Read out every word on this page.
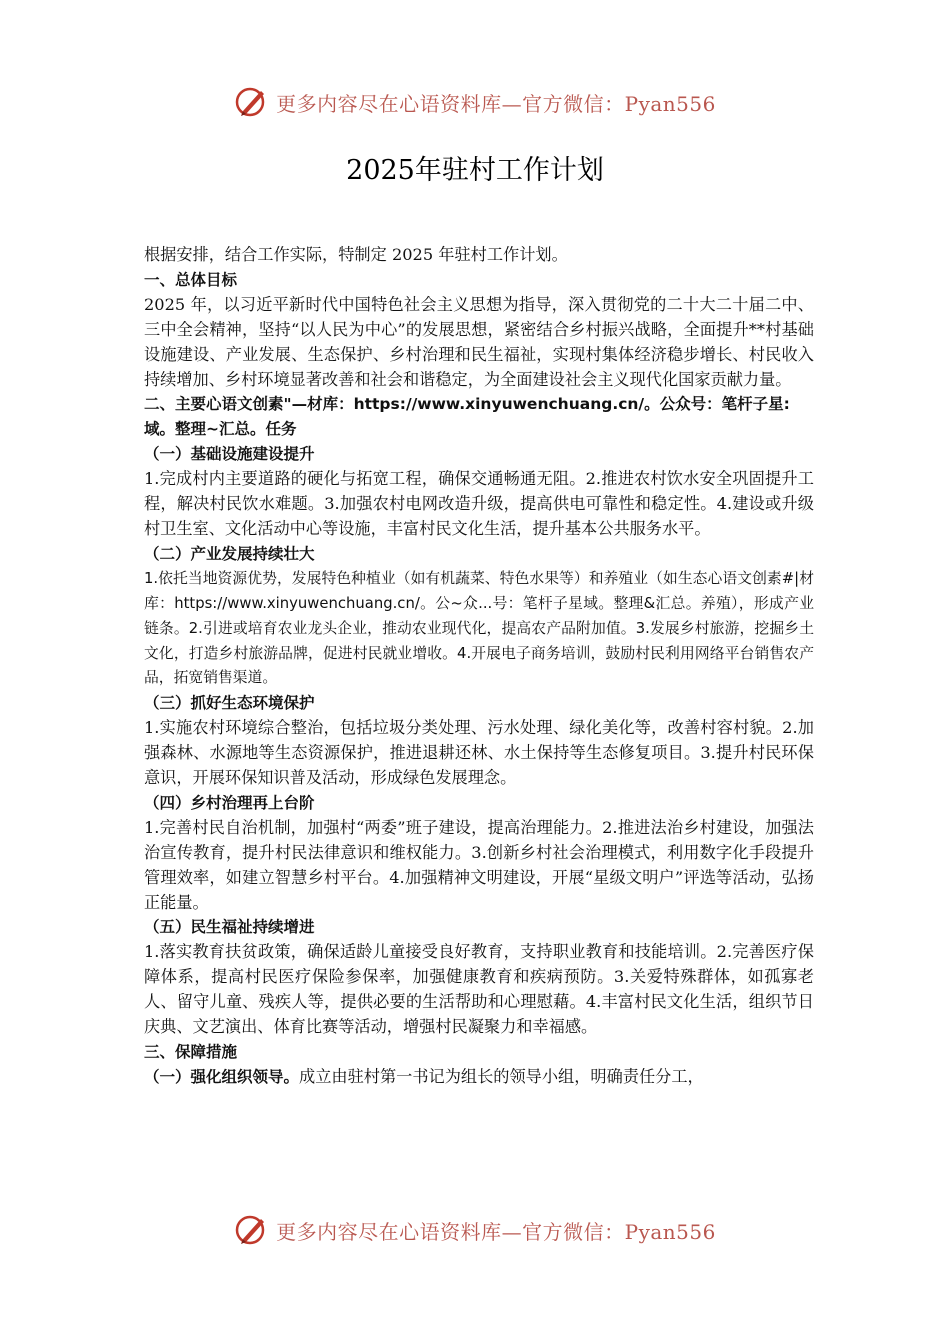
更多内容尽在心语资料库—官方微信：Pyan556
2025年驻村工作计划

根据安排，结合工作实际，特制定 2025 年驻村工作计划。

一、总体目标

2025 年，以习近平新时代中国特色社会主义思想为指导，深入贯彻党的二十大二十届二中、三中全会精神，坚持“以人民为中心”的发展思想，紧密结合乡村振兴战略，全面提升**村基础设施建设、产业发展、生态保护、乡村治理和民生福祉，实现村集体经济稳步增长、村民收入持续增加、乡村环境显著改善和社会和谐稳定，为全面建设社会主义现代化国家贡献力量。

二、主要心语文创素"—材库：https://www.xinyuwenchuang.cn/。公众号：笔杆子星:域。整理~汇总。任务

（一）基础设施建设提升

1.完成村内主要道路的硬化与拓宽工程，确保交通畅通无阻。2.推进农村饮水安全巩固提升工程，解决村民饮水难题。3.加强农村电网改造升级，提高供电可靠性和稳定性。4.建设或升级村卫生室、文化活动中心等设施，丰富村民文化生活，提升基本公共服务水平。

（二）产业发展持续壮大

1.依托当地资源优势，发展特色种植业（如有机蔬菜、特色水果等）和养殖业（如生态心语文创素#|材库：https://www.xinyuwenchuang.cn/。公~众...号：笔杆子星域。整理&汇总。养殖），形成产业链条。2.引进或培育农业龙头企业，推动农业现代化，提高农产品附加值。3.发展乡村旅游，挖掘乡土文化，打造乡村旅游品牌，促进村民就业增收。4.开展电子商务培训，鼓励村民利用网络平台销售农产品，拓宽销售渠道。

（三）抓好生态环境保护

1.实施农村环境综合整治，包括垃圾分类处理、污水处理、绿化美化等，改善村容村貌。2.加强森林、水源地等生态资源保护，推进退耕还林、水土保持等生态修复项目。3.提升村民环保意识，开展环保知识普及活动，形成绿色发展理念。

（四）乡村治理再上台阶

1.完善村民自治机制，加强村“两委”班子建设，提高治理能力。2.推进法治乡村建设，加强法治宣传教育，提升村民法律意识和维权能力。3.创新乡村社会治理模式，利用数字化手段提升管理效率，如建立智慧乡村平台。4.加强精神文明建设，开展“星级文明户”评选等活动，弘扬正能量。

（五）民生福祉持续增进

1.落实教育扶贫政策，确保适龄儿童接受良好教育，支持职业教育和技能培训。2.完善医疗保障体系，提高村民医疗保险参保率，加强健康教育和疾病预防。3.关爱特殊群体，如孤寡老人、留守儿童、残疾人等，提供必要的生活帮助和心理慰藉。4.丰富村民文化生活，组织节日庆典、文艺演出、体育比赛等活动，增强村民凝聚力和幸福感。

三、保障措施

（一）强化组织领导。成立由驻村第一书记为组长的领导小组，明确责任分工，

更多内容尽在心语资料库—官方微信：Pyan556
